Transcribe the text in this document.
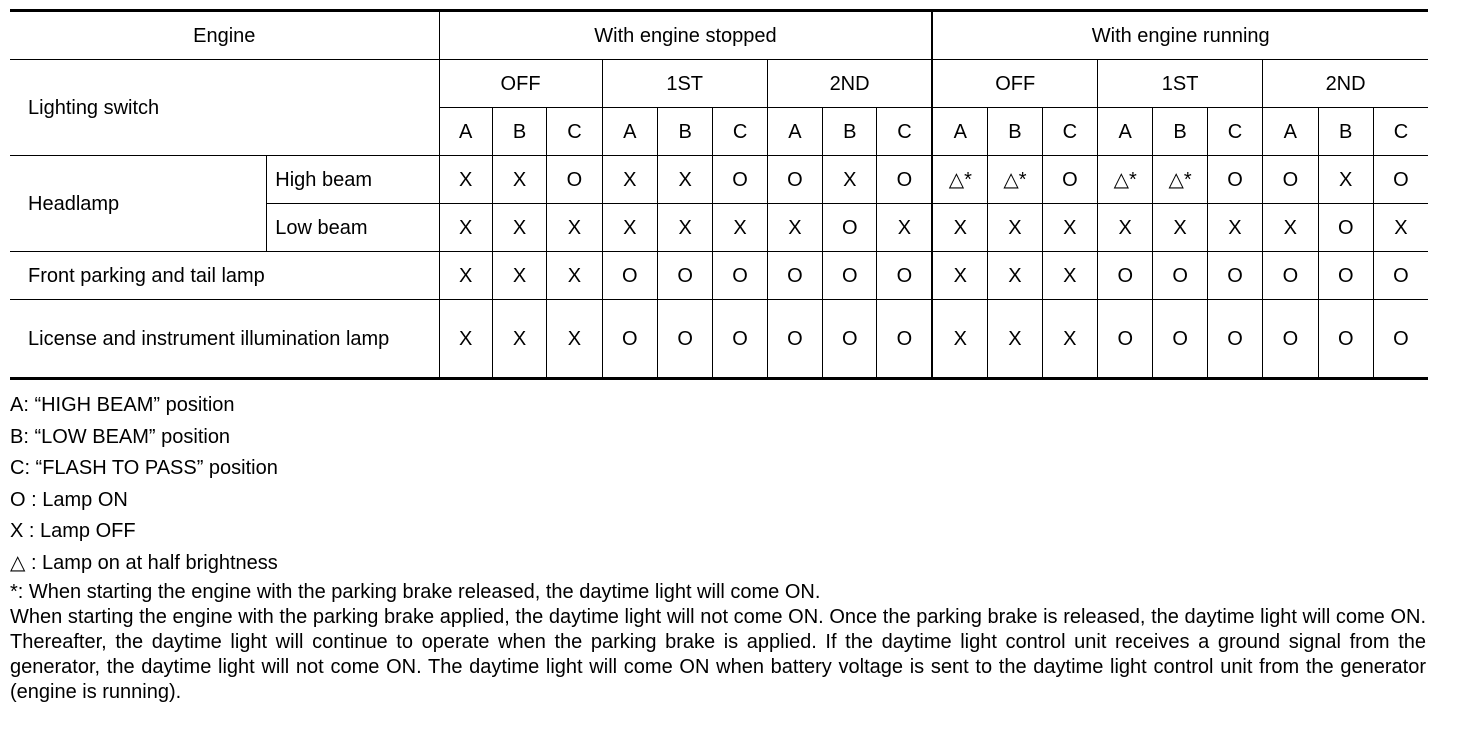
Engine		With engine stopped									With engine running								
Lighting switch		OFF			1ST			2ND			OFF			1ST			2ND		
		A	B	C	A	B	C	A	B	C	A	B	C	A	B	C	A	B	C
Headlamp	High beam	X	X	O	X	X	O	O	X	O	△*	△*	O	△*	△*	O	O	X	O
	Low beam	X	X	X	X	X	X	X	O	X	X	X	X	X	X	X	X	O	X
Front parking and tail lamp		X	X	X	O	O	O	O	O	O	X	X	X	O	O	O	O	O	O
License and instrument illumination lamp		X	X	X	O	O	O	O	O	O	X	X	X	O	O	O	O	O	O
A: “HIGH BEAM” position
B: “LOW BEAM” position
C: “FLASH TO PASS” position
O : Lamp ON
X : Lamp OFF
△ : Lamp on at half brightness
*: When starting the engine with the parking brake released, the daytime light will come ON.
When starting the engine with the parking brake applied, the daytime light will not come ON. Once the parking brake is released, the daytime light will come ON. Thereafter, the daytime light will continue to operate when the parking brake is applied. If the daytime light control unit receives a ground signal from the generator, the daytime light will not come ON. The daytime light will come ON when battery voltage is sent to the daytime light control unit from the generator (engine is running).
